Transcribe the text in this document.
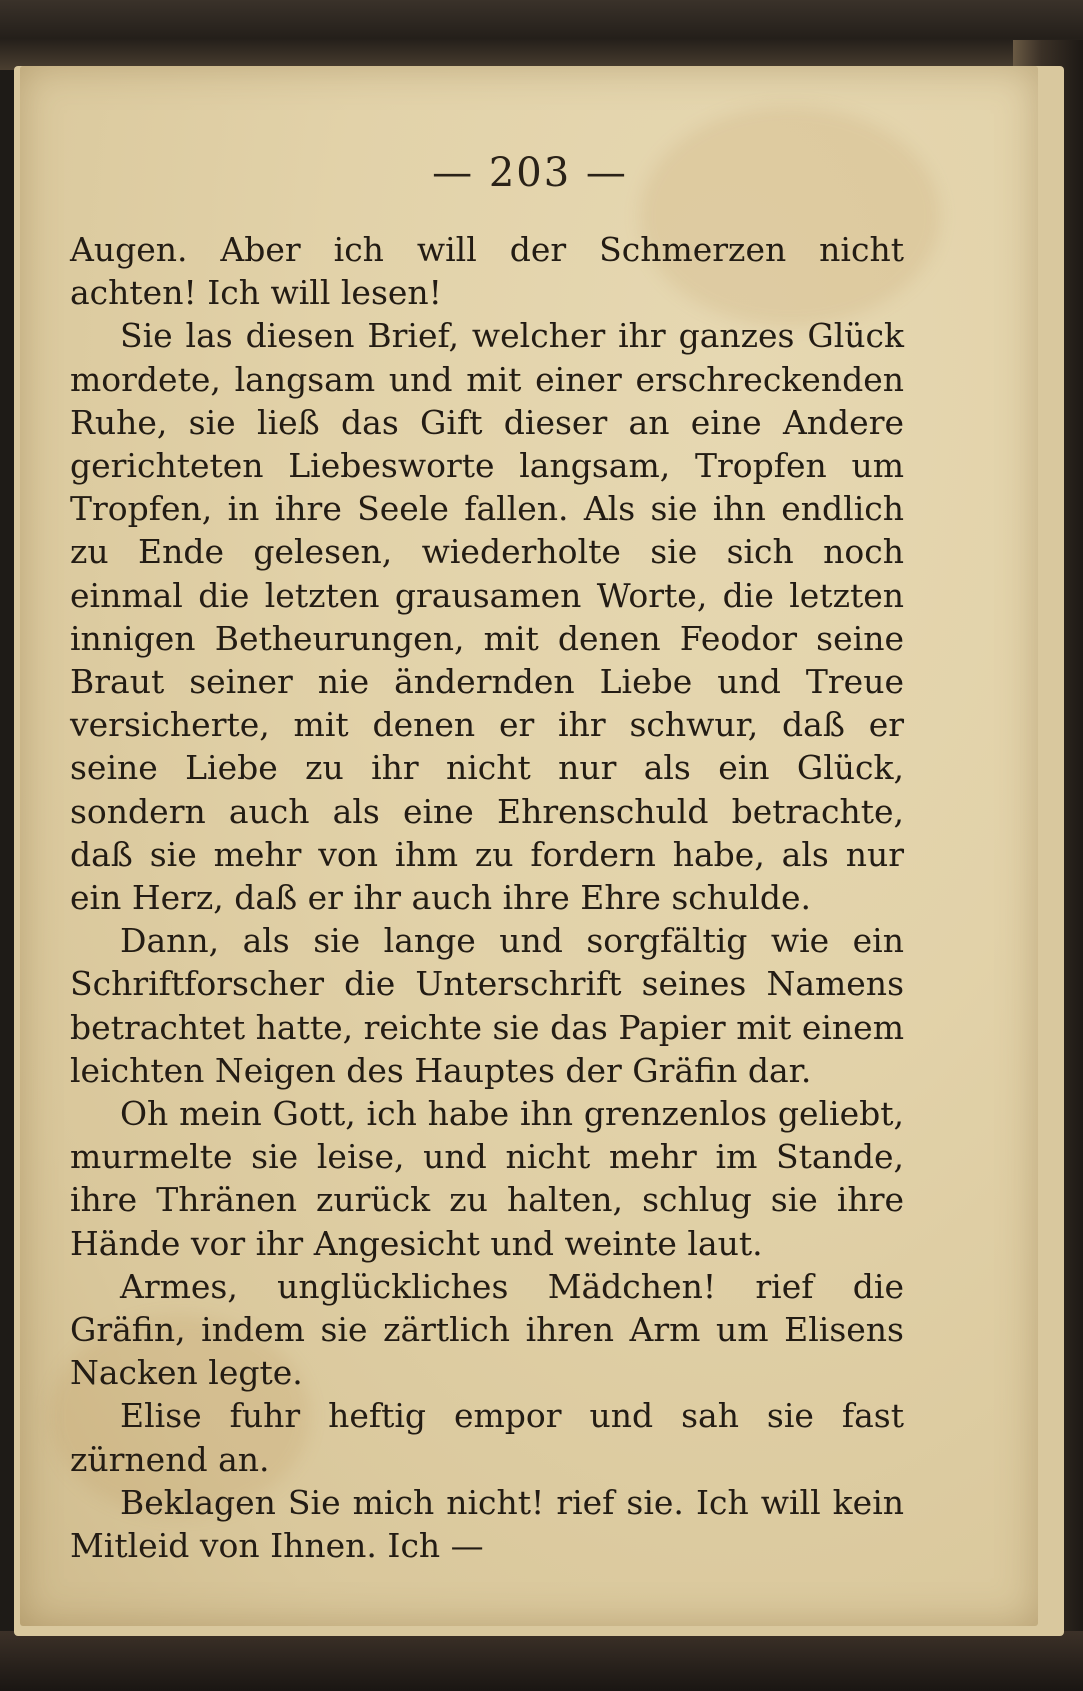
— 203 —

Augen. Aber ich will der Schmerzen nicht achten! Ich will lesen!

Sie las diesen Brief, welcher ihr ganzes Glück mordete, langsam und mit einer erschreckenden Ruhe, sie ließ das Gift dieser an eine Andere gerichteten Liebesworte langsam, Tropfen um Tropfen, in ihre Seele fallen. Als sie ihn endlich zu Ende gelesen, wiederholte sie sich noch einmal die letzten grausamen Worte, die letzten innigen Betheurungen, mit denen Feodor seine Braut seiner nie ändernden Liebe und Treue versicherte, mit denen er ihr schwur, daß er seine Liebe zu ihr nicht nur als ein Glück, sondern auch als eine Ehrenschuld betrachte, daß sie mehr von ihm zu fordern habe, als nur ein Herz, daß er ihr auch ihre Ehre schulde.

Dann, als sie lange und sorgfältig wie ein Schriftforscher die Unterschrift seines Namens betrachtet hatte, reichte sie das Papier mit einem leichten Neigen des Hauptes der Gräfin dar.

Oh mein Gott, ich habe ihn grenzenlos geliebt, murmelte sie leise, und nicht mehr im Stande, ihre Thränen zurück zu halten, schlug sie ihre Hände vor ihr Angesicht und weinte laut.

Armes, unglückliches Mädchen! rief die Gräfin, indem sie zärtlich ihren Arm um Elisens Nacken legte.

Elise fuhr heftig empor und sah sie fast zürnend an.

Beklagen Sie mich nicht! rief sie. Ich will kein Mitleid von Ihnen. Ich —
